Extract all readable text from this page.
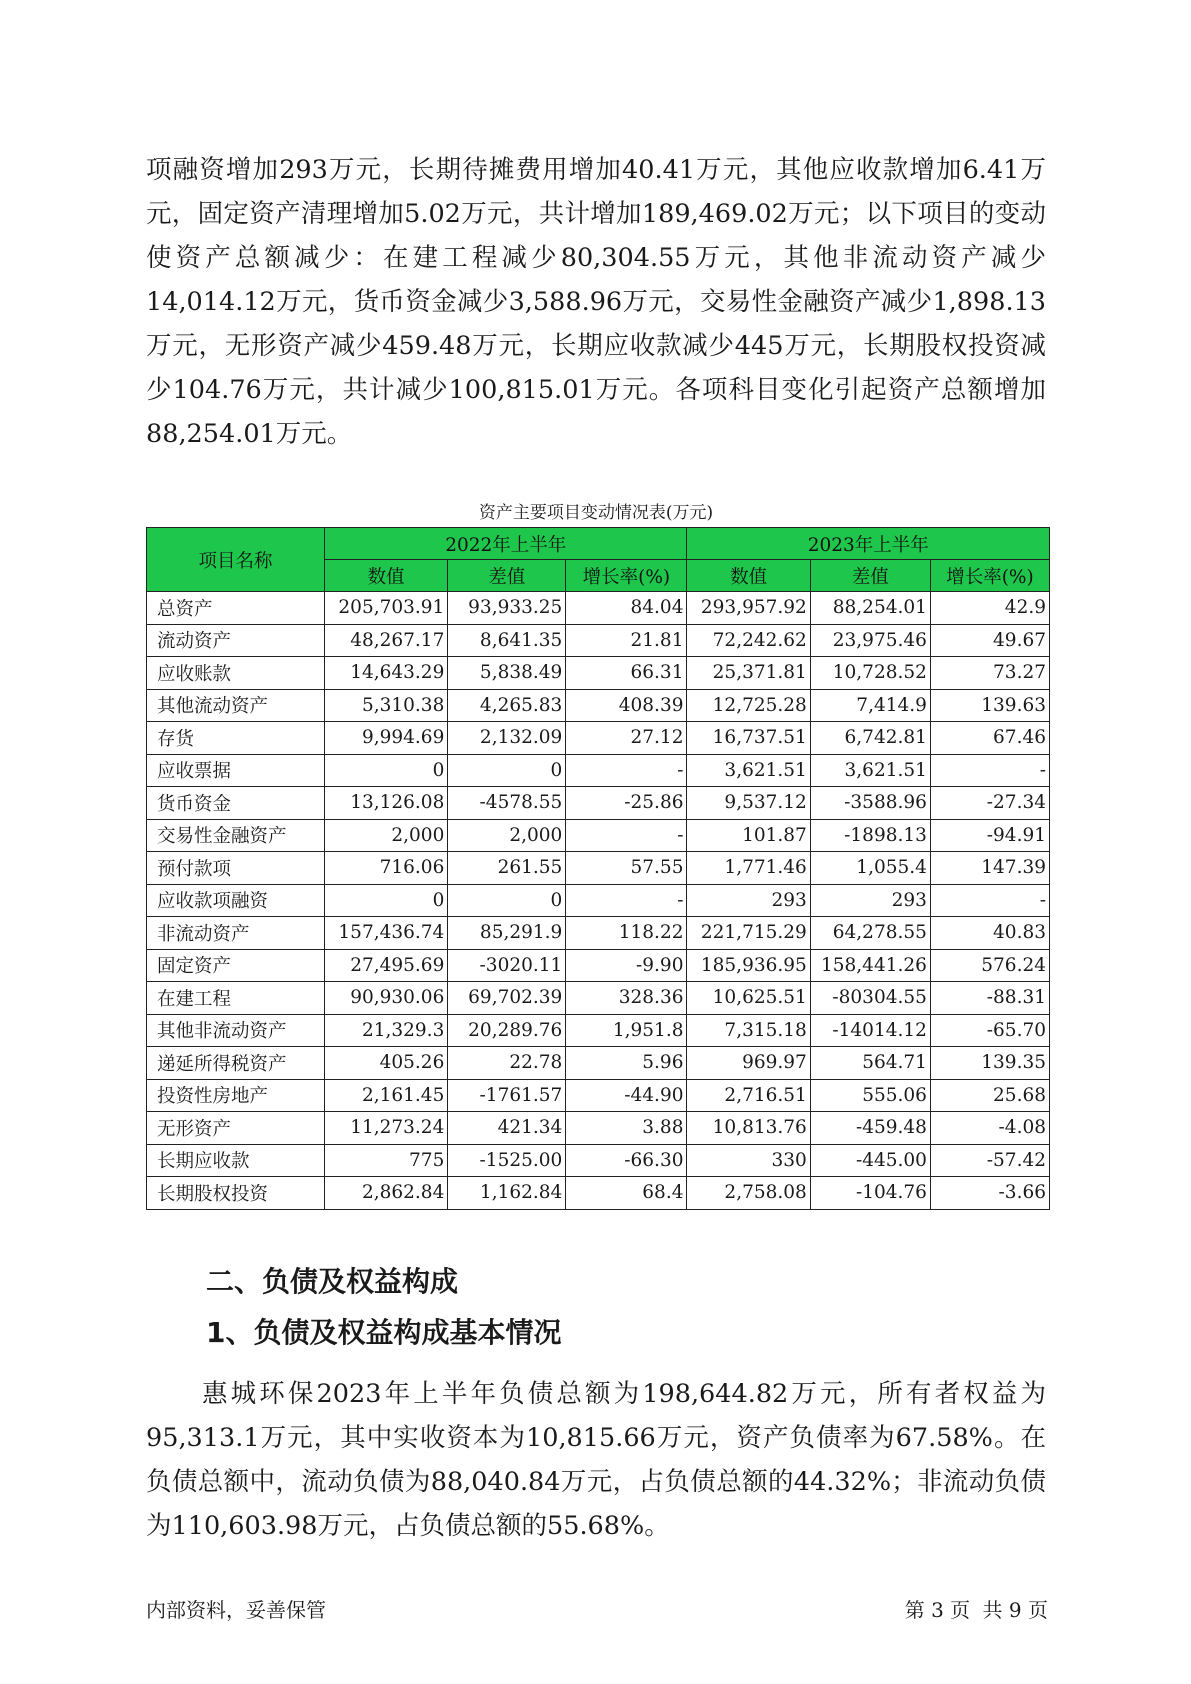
项融资增加293万元，长期待摊费用增加40.41万元，其他应收款增加6.41万元，固定资产清理增加5.02万元，共计增加189,469.02万元；以下项目的变动使资产总额减少：在建工程减少80,304.55万元，其他非流动资产减少14,014.12万元，货币资金减少3,588.96万元，交易性金融资产减少1,898.13万元，无形资产减少459.48万元，长期应收款减少445万元，长期股权投资减少104.76万元，共计减少100,815.01万元。各项科目变化引起资产总额增加88,254.01万元。

资产主要项目变动情况表(万元)
项目名称	2022年上半年			2023年上半年		
	数值	差值	增长率(%)	数值	差值	增长率(%)
总资产	205,703.91	93,933.25	84.04	293,957.92	88,254.01	42.9
流动资产	48,267.17	8,641.35	21.81	72,242.62	23,975.46	49.67
应收账款	14,643.29	5,838.49	66.31	25,371.81	10,728.52	73.27
其他流动资产	5,310.38	4,265.83	408.39	12,725.28	7,414.9	139.63
存货	9,994.69	2,132.09	27.12	16,737.51	6,742.81	67.46
应收票据	0	0	-	3,621.51	3,621.51	-
货币资金	13,126.08	-4578.55	-25.86	9,537.12	-3588.96	-27.34
交易性金融资产	2,000	2,000	-	101.87	-1898.13	-94.91
预付款项	716.06	261.55	57.55	1,771.46	1,055.4	147.39
应收款项融资	0	0	-	293	293	-
非流动资产	157,436.74	85,291.9	118.22	221,715.29	64,278.55	40.83
固定资产	27,495.69	-3020.11	-9.90	185,936.95	158,441.26	576.24
在建工程	90,930.06	69,702.39	328.36	10,625.51	-80304.55	-88.31
其他非流动资产	21,329.3	20,289.76	1,951.8	7,315.18	-14014.12	-65.70
递延所得税资产	405.26	22.78	5.96	969.97	564.71	139.35
投资性房地产	2,161.45	-1761.57	-44.90	2,716.51	555.06	25.68
无形资产	11,273.24	421.34	3.88	10,813.76	-459.48	-4.08
长期应收款	775	-1525.00	-66.30	330	-445.00	-57.42
长期股权投资	2,862.84	1,162.84	68.4	2,758.08	-104.76	-3.66
二、负债及权益构成
1、负债及权益构成基本情况

惠城环保2023年上半年负债总额为198,644.82万元，所有者权益为95,313.1万元，其中实收资本为10,815.66万元，资产负债率为67.58%。在负债总额中，流动负债为88,040.84万元，占负债总额的44.32%；非流动负债为110,603.98万元，占负债总额的55.68%。

内部资料，妥善保管	第 3 页 共 9 页
